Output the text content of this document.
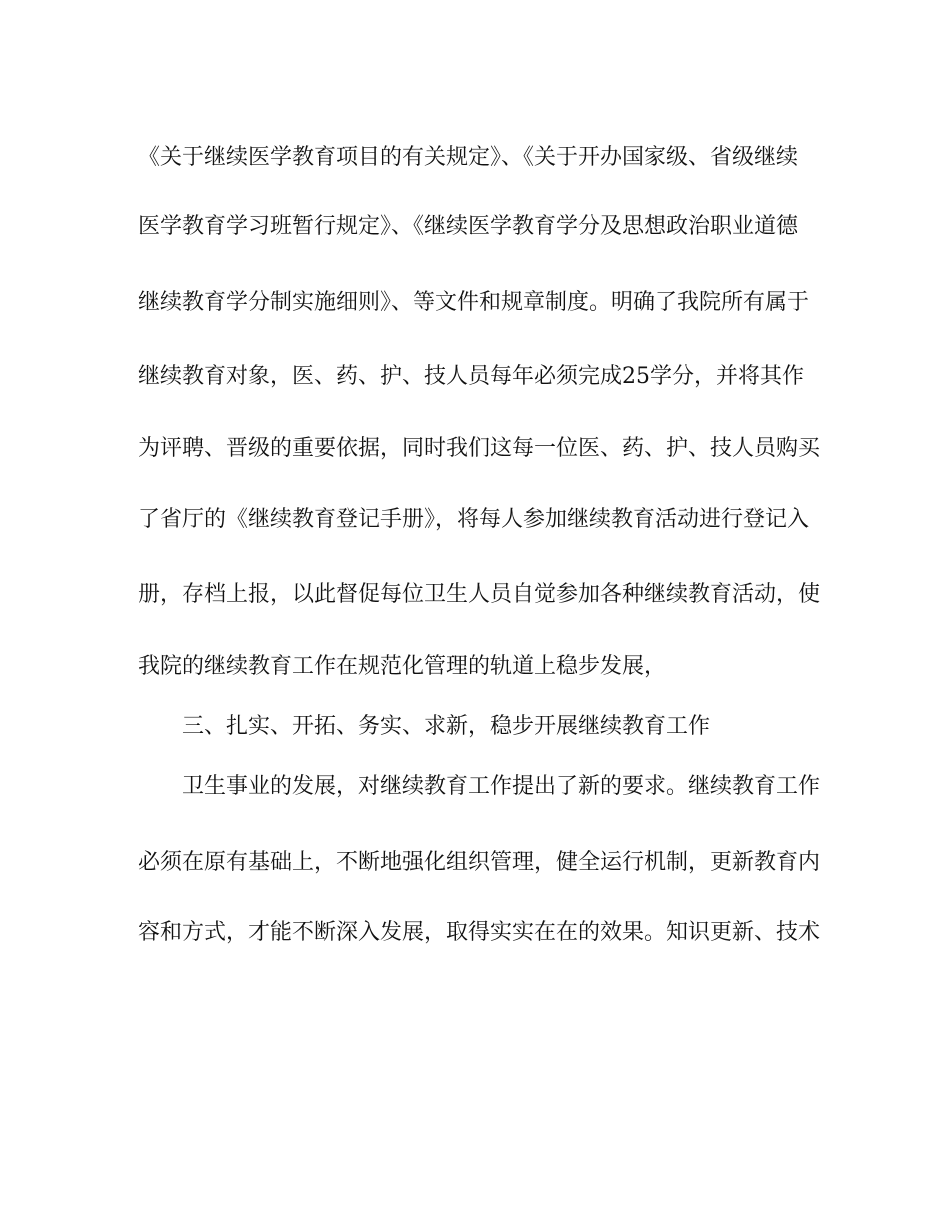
《关于继续医学教育项目的有关规定》、《关于开办国家级、省级继续
医学教育学习班暂行规定》、《继续医学教育学分及思想政治职业道德
继续教育学分制实施细则》、等文件和规章制度。明确了我院所有属于
继续教育对象，医、药、护、技人员每年必须完成25学分，并将其作
为评聘、晋级的重要依据，同时我们这每一位医、药、护、技人员购买
了省厅的《继续教育登记手册》，将每人参加继续教育活动进行登记入
册，存档上报，以此督促每位卫生人员自觉参加各种继续教育活动，使
我院的继续教育工作在规范化管理的轨道上稳步发展，
三、扎实、开拓、务实、求新，稳步开展继续教育工作
卫生事业的发展，对继续教育工作提出了新的要求。继续教育工作
必须在原有基础上，不断地强化组织管理，健全运行机制，更新教育内
容和方式，才能不断深入发展，取得实实在在的效果。知识更新、技术
